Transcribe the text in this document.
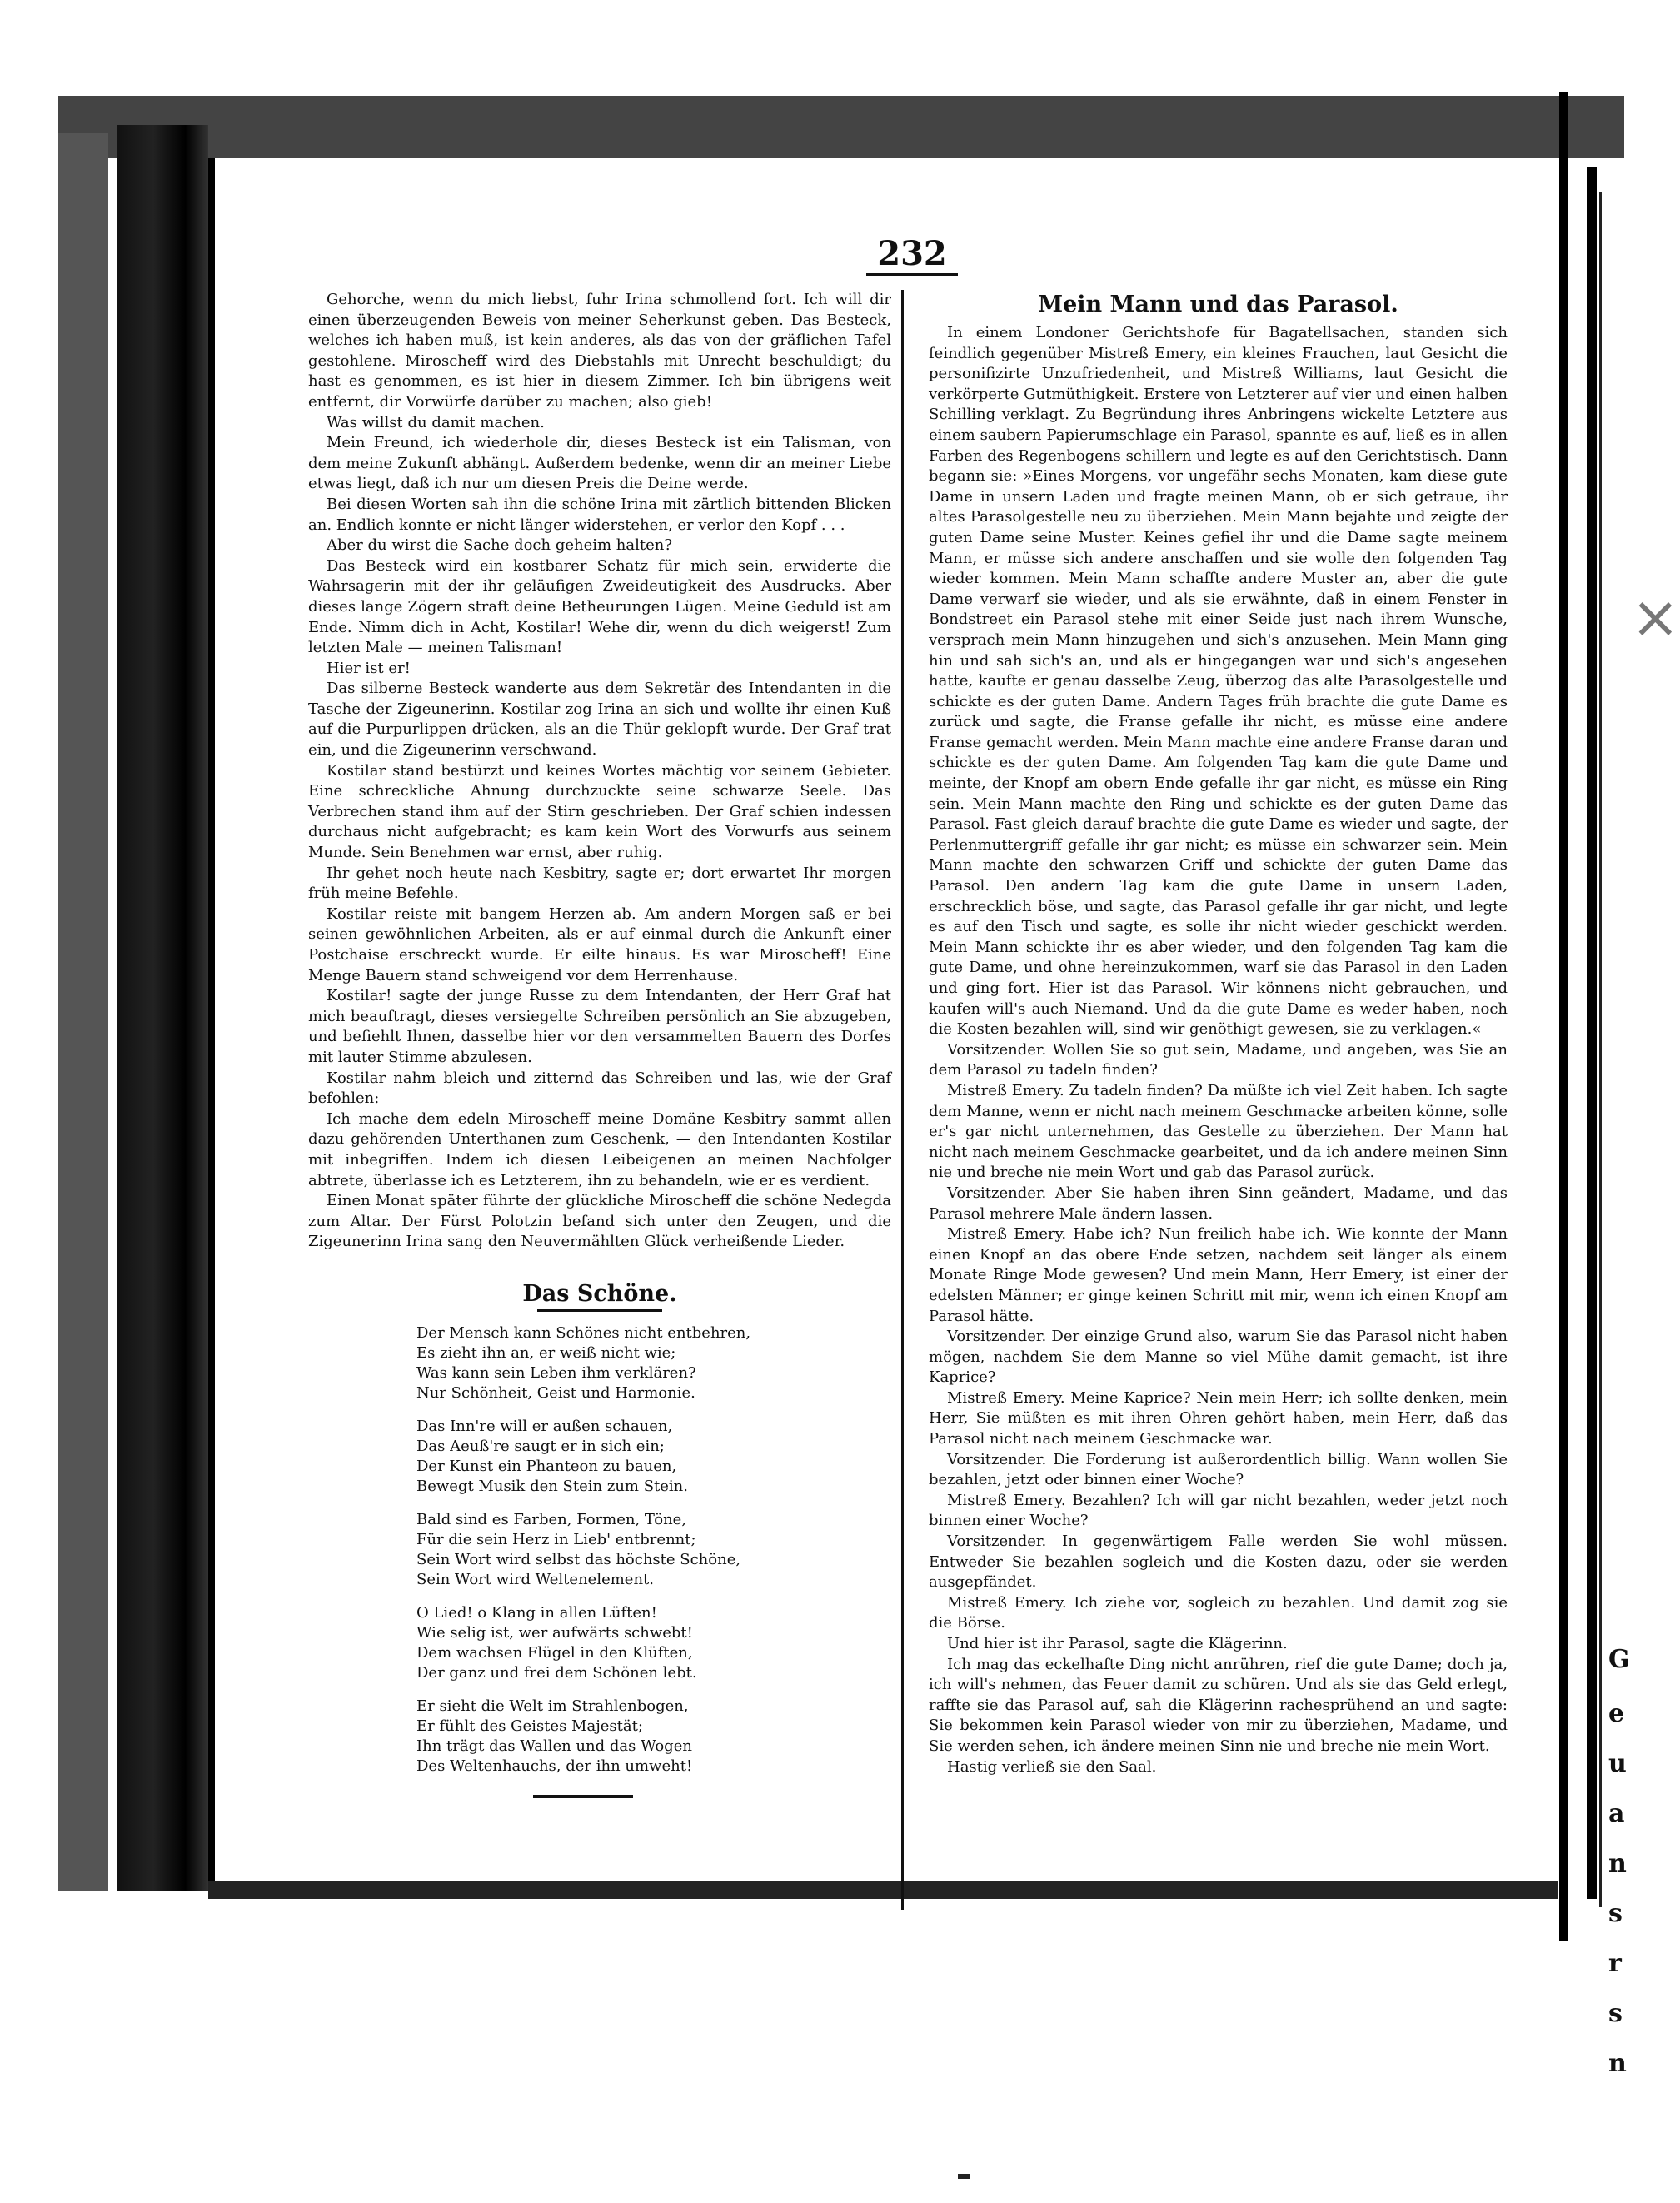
G
e
u
a
n
s
r
s
n
×
232

Gehorche, wenn du mich liebst, fuhr Irina schmollend fort. Ich will dir einen überzeugenden Beweis von meiner Seherkunst geben. Das Besteck, welches ich haben muß, ist kein anderes, als das von der gräflichen Tafel gestohlene. Miroscheff wird des Diebstahls mit Unrecht beschuldigt; du hast es genommen, es ist hier in diesem Zimmer. Ich bin übrigens weit entfernt, dir Vorwürfe darüber zu machen; also gieb!

Was willst du damit machen.

Mein Freund, ich wiederhole dir, dieses Besteck ist ein Talisman, von dem meine Zukunft abhängt. Außerdem bedenke, wenn dir an meiner Liebe etwas liegt, daß ich nur um diesen Preis die Deine werde.

Bei diesen Worten sah ihn die schöne Irina mit zärtlich bittenden Blicken an. Endlich konnte er nicht länger widerstehen, er verlor den Kopf . . .

Aber du wirst die Sache doch geheim halten?

Das Besteck wird ein kostbarer Schatz für mich sein, erwiderte die Wahrsagerin mit der ihr geläufigen Zweideutigkeit des Ausdrucks. Aber dieses lange Zögern straft deine Betheurungen Lügen. Meine Geduld ist am Ende. Nimm dich in Acht, Kostilar! Wehe dir, wenn du dich weigerst! Zum letzten Male — meinen Talisman!

Hier ist er!

Das silberne Besteck wanderte aus dem Sekretär des Intendanten in die Tasche der Zigeunerinn. Kostilar zog Irina an sich und wollte ihr einen Kuß auf die Purpurlippen drücken, als an die Thür geklopft wurde. Der Graf trat ein, und die Zigeunerinn verschwand.

Kostilar stand bestürzt und keines Wortes mächtig vor seinem Gebieter. Eine schreckliche Ahnung durchzuckte seine schwarze Seele. Das Verbrechen stand ihm auf der Stirn geschrieben. Der Graf schien indessen durchaus nicht aufgebracht; es kam kein Wort des Vorwurfs aus seinem Munde. Sein Benehmen war ernst, aber ruhig.

Ihr gehet noch heute nach Kesbitry, sagte er; dort erwartet Ihr morgen früh meine Befehle.

Kostilar reiste mit bangem Herzen ab. Am andern Morgen saß er bei seinen gewöhnlichen Arbeiten, als er auf einmal durch die Ankunft einer Postchaise erschreckt wurde. Er eilte hinaus. Es war Miroscheff! Eine Menge Bauern stand schweigend vor dem Herrenhause.

Kostilar! sagte der junge Russe zu dem Intendanten, der Herr Graf hat mich beauftragt, dieses versiegelte Schreiben persönlich an Sie abzugeben, und befiehlt Ihnen, dasselbe hier vor den versammelten Bauern des Dorfes mit lauter Stimme abzulesen.

Kostilar nahm bleich und zitternd das Schreiben und las, wie der Graf befohlen:

Ich mache dem edeln Miroscheff meine Domäne Kesbitry sammt allen dazu gehörenden Unterthanen zum Geschenk, — den Intendanten Kostilar mit inbegriffen. Indem ich diesen Leibeigenen an meinen Nachfolger abtrete, überlasse ich es Letzterem, ihn zu behandeln, wie er es verdient.

Einen Monat später führte der glückliche Miroscheff die schöne Nedegda zum Altar. Der Fürst Polotzin befand sich unter den Zeugen, und die Zigeunerinn Irina sang den Neuvermählten Glück verheißende Lieder.

Das Schöne.
Der Mensch kann Schönes nicht entbehren,
Es zieht ihn an, er weiß nicht wie;
Was kann sein Leben ihm verklären?
Nur Schönheit, Geist und Harmonie.
Das Inn're will er außen schauen,
Das Aeuß're saugt er in sich ein;
Der Kunst ein Phanteon zu bauen,
Bewegt Musik den Stein zum Stein.
Bald sind es Farben, Formen, Töne,
Für die sein Herz in Lieb' entbrennt;
Sein Wort wird selbst das höchste Schöne,
Sein Wort wird Weltenelement.
O Lied! o Klang in allen Lüften!
Wie selig ist, wer aufwärts schwebt!
Dem wachsen Flügel in den Klüften,
Der ganz und frei dem Schönen lebt.
Er sieht die Welt im Strahlenbogen,
Er fühlt des Geistes Majestät;
Ihn trägt das Wallen und das Wogen
Des Weltenhauchs, der ihn umweht!
Mein Mann und das Parasol.

In einem Londoner Gerichtshofe für Bagatellsachen, standen sich feindlich gegenüber Mistreß Emery, ein kleines Frauchen, laut Gesicht die personifizirte Unzufriedenheit, und Mistreß Williams, laut Gesicht die verkörperte Gutmüthigkeit. Erstere von Letzterer auf vier und einen halben Schilling verklagt. Zu Begründung ihres Anbringens wickelte Letztere aus einem saubern Papierumschlage ein Parasol, spannte es auf, ließ es in allen Farben des Regenbogens schillern und legte es auf den Gerichtstisch. Dann begann sie: »Eines Morgens, vor ungefähr sechs Monaten, kam diese gute Dame in unsern Laden und fragte meinen Mann, ob er sich getraue, ihr altes Parasolgestelle neu zu überziehen. Mein Mann bejahte und zeigte der guten Dame seine Muster. Keines gefiel ihr und die Dame sagte meinem Mann, er müsse sich andere anschaffen und sie wolle den folgenden Tag wieder kommen. Mein Mann schaffte andere Muster an, aber die gute Dame verwarf sie wieder, und als sie erwähnte, daß in einem Fenster in Bondstreet ein Parasol stehe mit einer Seide just nach ihrem Wunsche, versprach mein Mann hinzugehen und sich's anzusehen. Mein Mann ging hin und sah sich's an, und als er hingegangen war und sich's angesehen hatte, kaufte er genau dasselbe Zeug, überzog das alte Parasolgestelle und schickte es der guten Dame. Andern Tages früh brachte die gute Dame es zurück und sagte, die Franse gefalle ihr nicht, es müsse eine andere Franse gemacht werden. Mein Mann machte eine andere Franse daran und schickte es der guten Dame. Am folgenden Tag kam die gute Dame und meinte, der Knopf am obern Ende gefalle ihr gar nicht, es müsse ein Ring sein. Mein Mann machte den Ring und schickte es der guten Dame das Parasol. Fast gleich darauf brachte die gute Dame es wieder und sagte, der Perlenmuttergriff gefalle ihr gar nicht; es müsse ein schwarzer sein. Mein Mann machte den schwarzen Griff und schickte der guten Dame das Parasol. Den andern Tag kam die gute Dame in unsern Laden, erschrecklich böse, und sagte, das Parasol gefalle ihr gar nicht, und legte es auf den Tisch und sagte, es solle ihr nicht wieder geschickt werden. Mein Mann schickte ihr es aber wieder, und den folgenden Tag kam die gute Dame, und ohne hereinzukommen, warf sie das Parasol in den Laden und ging fort. Hier ist das Parasol. Wir könnens nicht gebrauchen, und kaufen will's auch Niemand. Und da die gute Dame es weder haben, noch die Kosten bezahlen will, sind wir genöthigt gewesen, sie zu verklagen.«

Vorsitzender. Wollen Sie so gut sein, Madame, und angeben, was Sie an dem Parasol zu tadeln finden?

Mistreß Emery. Zu tadeln finden? Da müßte ich viel Zeit haben. Ich sagte dem Manne, wenn er nicht nach meinem Geschmacke arbeiten könne, solle er's gar nicht unternehmen, das Gestelle zu überziehen. Der Mann hat nicht nach meinem Geschmacke gearbeitet, und da ich andere meinen Sinn nie und breche nie mein Wort und gab das Parasol zurück.

Vorsitzender. Aber Sie haben ihren Sinn geändert, Madame, und das Parasol mehrere Male ändern lassen.

Mistreß Emery. Habe ich? Nun freilich habe ich. Wie konnte der Mann einen Knopf an das obere Ende setzen, nachdem seit länger als einem Monate Ringe Mode gewesen? Und mein Mann, Herr Emery, ist einer der edelsten Männer; er ginge keinen Schritt mit mir, wenn ich einen Knopf am Parasol hätte.

Vorsitzender. Der einzige Grund also, warum Sie das Parasol nicht haben mögen, nachdem Sie dem Manne so viel Mühe damit gemacht, ist ihre Kaprice?

Mistreß Emery. Meine Kaprice? Nein mein Herr; ich sollte denken, mein Herr, Sie müßten es mit ihren Ohren gehört haben, mein Herr, daß das Parasol nicht nach meinem Geschmacke war.

Vorsitzender. Die Forderung ist außerordentlich billig. Wann wollen Sie bezahlen, jetzt oder binnen einer Woche?

Mistreß Emery. Bezahlen? Ich will gar nicht bezahlen, weder jetzt noch binnen einer Woche?

Vorsitzender. In gegenwärtigem Falle werden Sie wohl müssen. Entweder Sie bezahlen sogleich und die Kosten dazu, oder sie werden ausgepfändet.

Mistreß Emery. Ich ziehe vor, sogleich zu bezahlen. Und damit zog sie die Börse.

Und hier ist ihr Parasol, sagte die Klägerinn.

Ich mag das eckelhafte Ding nicht anrühren, rief die gute Dame; doch ja, ich will's nehmen, das Feuer damit zu schüren. Und als sie das Geld erlegt, raffte sie das Parasol auf, sah die Klägerinn rachesprühend an und sagte: Sie bekommen kein Parasol wieder von mir zu überziehen, Madame, und Sie werden sehen, ich ändere meinen Sinn nie und breche nie mein Wort.

Hastig verließ sie den Saal.
